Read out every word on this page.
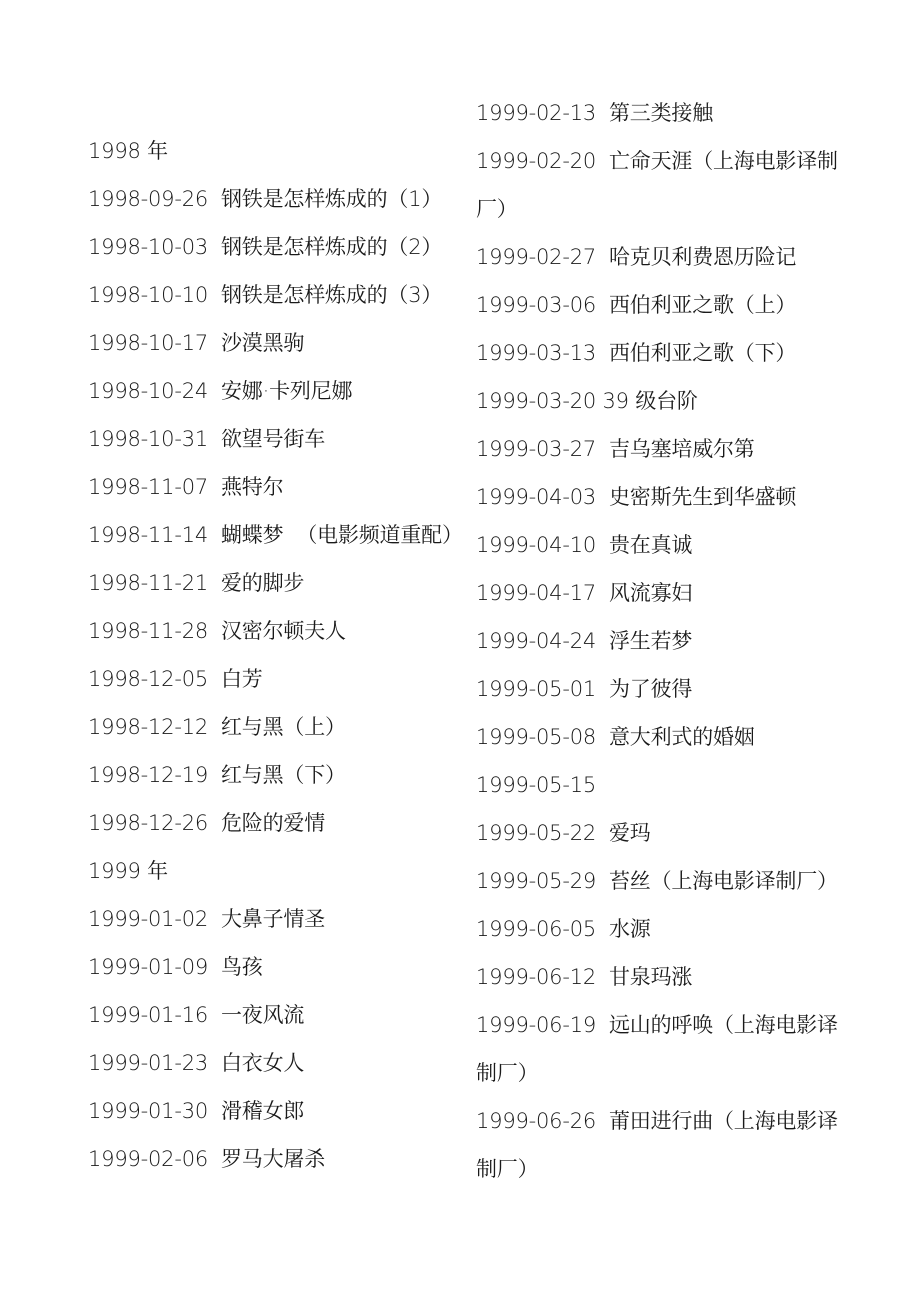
1998 年
1998-09-26  钢铁是怎样炼成的（1）
1998-10-03  钢铁是怎样炼成的（2）
1998-10-10  钢铁是怎样炼成的（3）
1998-10-17  沙漠黑驹
1998-10-24  安娜·卡列尼娜
1998-10-31  欲望号街车
1998-11-07  燕特尔
1998-11-14  蝴蝶梦  （电影频道重配）
1998-11-21  爱的脚步
1998-11-28  汉密尔顿夫人
1998-12-05  白芳
1998-12-12  红与黑（上）
1998-12-19  红与黑（下）
1998-12-26  危险的爱情
1999 年
1999-01-02  大鼻子情圣
1999-01-09  鸟孩
1999-01-16  一夜风流
1999-01-23  白衣女人
1999-01-30  滑稽女郎
1999-02-06  罗马大屠杀
1999-02-13  第三类接触
1999-02-20  亡命天涯（上海电影译制
厂）
1999-02-27  哈克贝利费恩历险记
1999-03-06  西伯利亚之歌（上）
1999-03-13  西伯利亚之歌（下）
1999-03-20 39 级台阶
1999-03-27  吉乌塞培威尔第
1999-04-03  史密斯先生到华盛顿
1999-04-10  贵在真诚
1999-04-17  风流寡妇
1999-04-24  浮生若梦
1999-05-01  为了彼得
1999-05-08  意大利式的婚姻
1999-05-15
1999-05-22  爱玛
1999-05-29  苔丝（上海电影译制厂）
1999-06-05  水源
1999-06-12  甘泉玛涨
1999-06-19  远山的呼唤（上海电影译
制厂）
1999-06-26  莆田进行曲（上海电影译
制厂）
